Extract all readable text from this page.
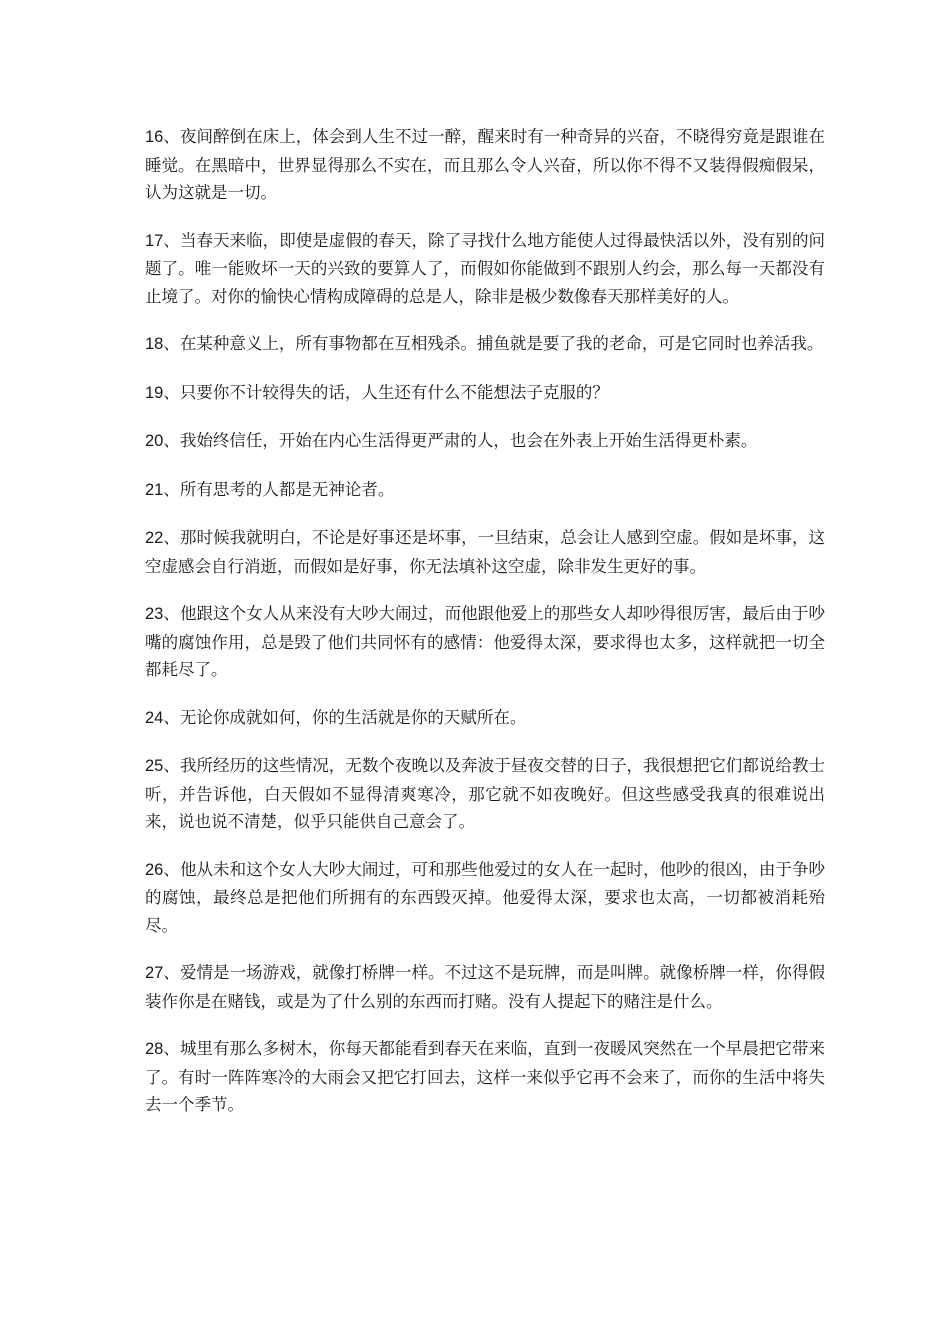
16、夜间醉倒在床上，体会到人生不过一醉，醒来时有一种奇异的兴奋，不晓得穷竟是跟谁在睡觉。在黑暗中，世界显得那么不实在，而且那么令人兴奋，所以你不得不又装得假痴假呆，认为这就是一切。

17、当春天来临，即使是虚假的春天，除了寻找什么地方能使人过得最快活以外，没有别的问题了。唯一能败坏一天的兴致的要算人了，而假如你能做到不跟别人约会，那么每一天都没有止境了。对你的愉快心情构成障碍的总是人，除非是极少数像春天那样美好的人。

18、在某种意义上，所有事物都在互相残杀。捕鱼就是要了我的老命，可是它同时也养活我。

19、只要你不计较得失的话，人生还有什么不能想法子克服的？

20、我始终信任，开始在内心生活得更严肃的人，也会在外表上开始生活得更朴素。

21、所有思考的人都是无神论者。

22、那时候我就明白，不论是好事还是坏事，一旦结束，总会让人感到空虚。假如是坏事，这空虚感会自行消逝，而假如是好事，你无法填补这空虚，除非发生更好的事。

23、他跟这个女人从来没有大吵大闹过，而他跟他爱上的那些女人却吵得很厉害，最后由于吵嘴的腐蚀作用，总是毁了他们共同怀有的感情：他爱得太深，要求得也太多，这样就把一切全都耗尽了。

24、无论你成就如何，你的生活就是你的天赋所在。

25、我所经历的这些情况，无数个夜晚以及奔波于昼夜交替的日子，我很想把它们都说给教士听，并告诉他，白天假如不显得清爽寒冷，那它就不如夜晚好。但这些感受我真的很难说出来，说也说不清楚，似乎只能供自己意会了。

26、他从未和这个女人大吵大闹过，可和那些他爱过的女人在一起时，他吵的很凶，由于争吵的腐蚀，最终总是把他们所拥有的东西毁灭掉。他爱得太深，要求也太高，一切都被消耗殆尽。

27、爱情是一场游戏，就像打桥牌一样。不过这不是玩牌，而是叫牌。就像桥牌一样，你得假装作你是在赌钱，或是为了什么别的东西而打赌。没有人提起下的赌注是什么。

28、城里有那么多树木，你每天都能看到春天在来临，直到一夜暖风突然在一个早晨把它带来了。有时一阵阵寒冷的大雨会又把它打回去，这样一来似乎它再不会来了，而你的生活中将失去一个季节。
